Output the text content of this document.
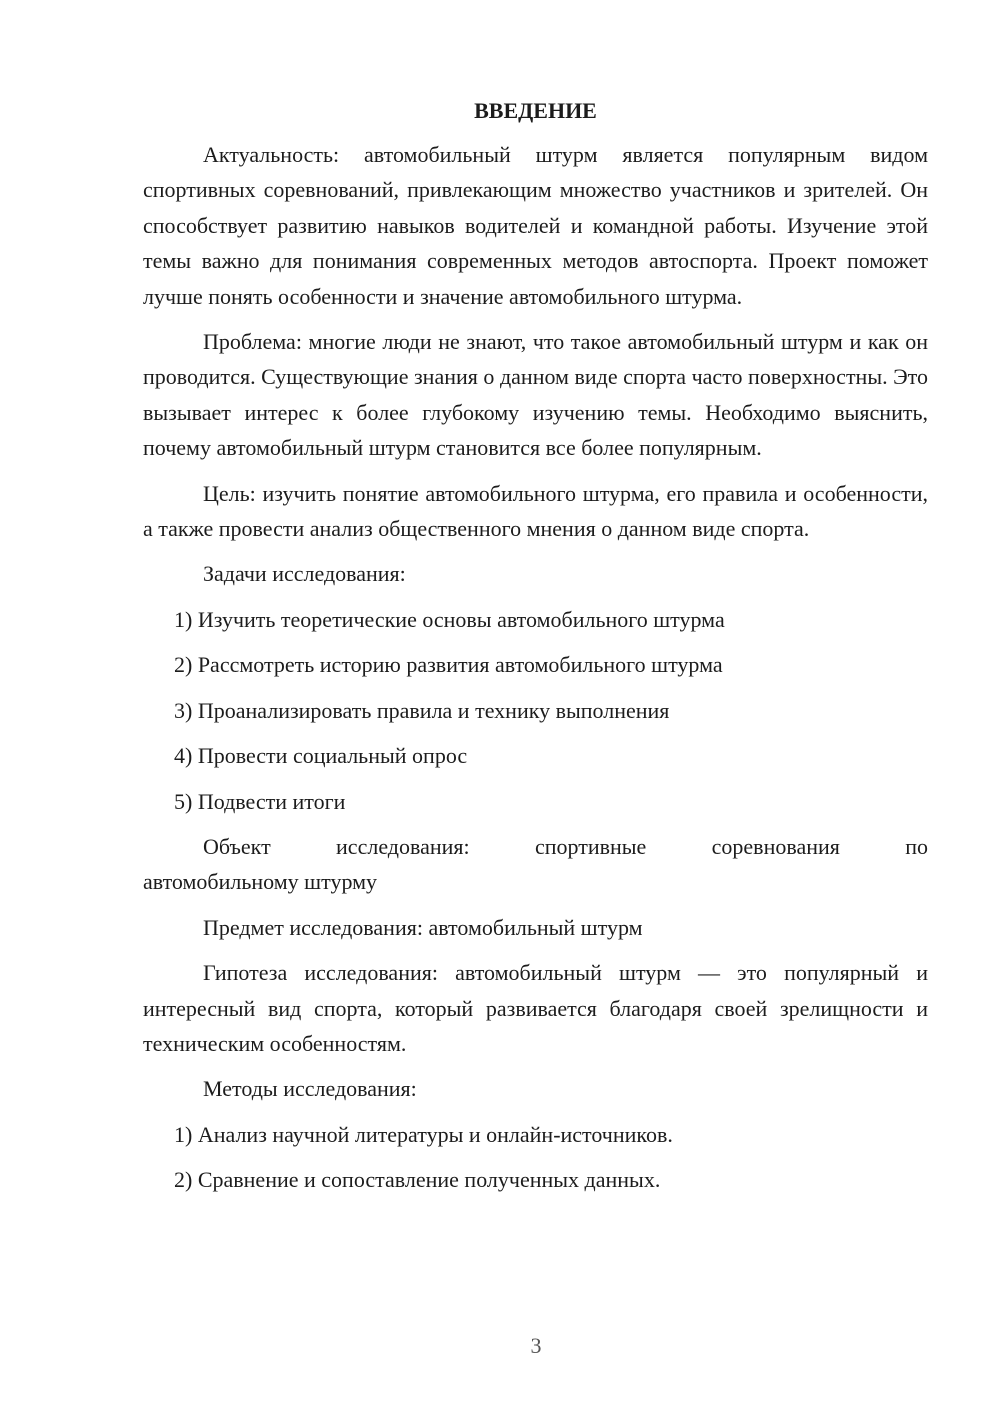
ВВЕДЕНИЕ

Актуальность: автомобильный штурм является популярным видом спортивных соревнований, привлекающим множество участников и зрителей. Он способствует развитию навыков водителей и командной работы. Изучение этой темы важно для понимания современных методов автоспорта. Проект поможет лучше понять особенности и значение автомобильного штурма.

Проблема: многие люди не знают, что такое автомобильный штурм и как он проводится. Существующие знания о данном виде спорта часто поверхностны. Это вызывает интерес к более глубокому изучению темы. Необходимо выяснить, почему автомобильный штурм становится все более популярным.

Цель: изучить понятие автомобильного штурма, его правила и особенности, а также провести анализ общественного мнения о данном виде спорта.

Задачи исследования:

1) Изучить теоретические основы автомобильного штурма

2) Рассмотреть историю развития автомобильного штурма

3) Проанализировать правила и технику выполнения

4) Провести социальный опрос

5) Подвести итоги

Объект	исследования:	спортивные	соревнования	по
автомобильному штурму

Предмет исследования: автомобильный штурм

Гипотеза исследования: автомобильный штурм — это популярный и интересный вид спорта, который развивается благодаря своей зрелищности и техническим особенностям.

Методы исследования:

1) Анализ научной литературы и онлайн-источников.

2) Сравнение и сопоставление полученных данных.

3
